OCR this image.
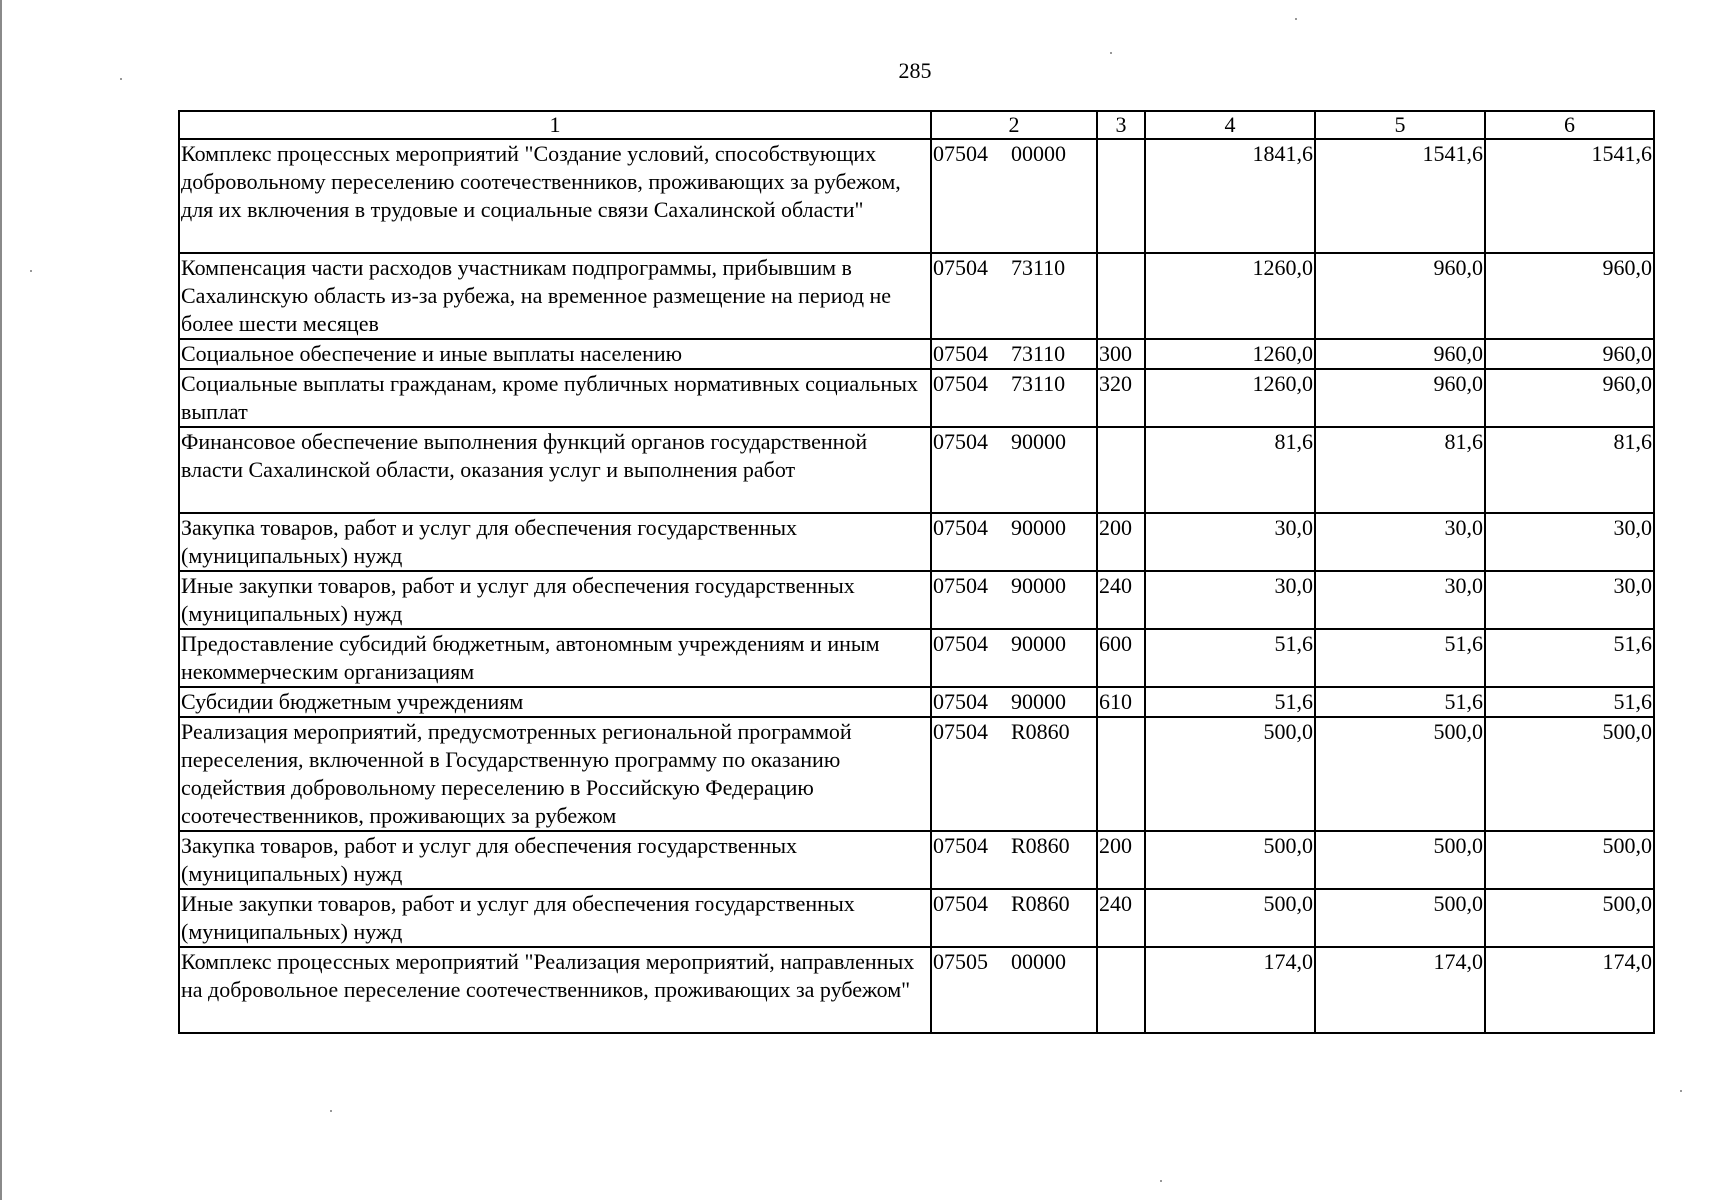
285
1	2	3	4	5	6
Комплекс процессных мероприятий "Создание условий, способствующих добровольному переселению соотечественников, проживающих за рубежом, для их включения в трудовые и социальные связи Сахалинской области"	07504 00000		1841,6	1541,6	1541,6
Компенсация части расходов участникам подпрограммы, прибывшим в Сахалинскую область из-за рубежа, на временное размещение на период не более шести месяцев	07504 73110		1260,0	960,0	960,0
Социальное обеспечение и иные выплаты населению	07504 73110	300	1260,0	960,0	960,0
Социальные выплаты гражданам, кроме публичных нормативных социальных выплат	07504 73110	320	1260,0	960,0	960,0
Финансовое обеспечение выполнения функций органов государственной власти Сахалинской области, оказания услуг и выполнения работ	07504 90000		81,6	81,6	81,6
Закупка товаров, работ и услуг для обеспечения государственных (муниципальных) нужд	07504 90000	200	30,0	30,0	30,0
Иные закупки товаров, работ и услуг для обеспечения государственных (муниципальных) нужд	07504 90000	240	30,0	30,0	30,0
Предоставление субсидий бюджетным, автономным учреждениям и иным некоммерческим организациям	07504 90000	600	51,6	51,6	51,6
Субсидии бюджетным учреждениям	07504 90000	610	51,6	51,6	51,6
Реализация мероприятий, предусмотренных региональной программой переселения, включенной в Государственную программу по оказанию содействия добровольному переселению в Российскую Федерацию соотечественников, проживающих за рубежом	07504 R0860		500,0	500,0	500,0
Закупка товаров, работ и услуг для обеспечения государственных (муниципальных) нужд	07504 R0860	200	500,0	500,0	500,0
Иные закупки товаров, работ и услуг для обеспечения государственных (муниципальных) нужд	07504 R0860	240	500,0	500,0	500,0
Комплекс процессных мероприятий "Реализация мероприятий, направленных на добровольное переселение соотечественников, проживающих за рубежом"	07505 00000		174,0	174,0	174,0
